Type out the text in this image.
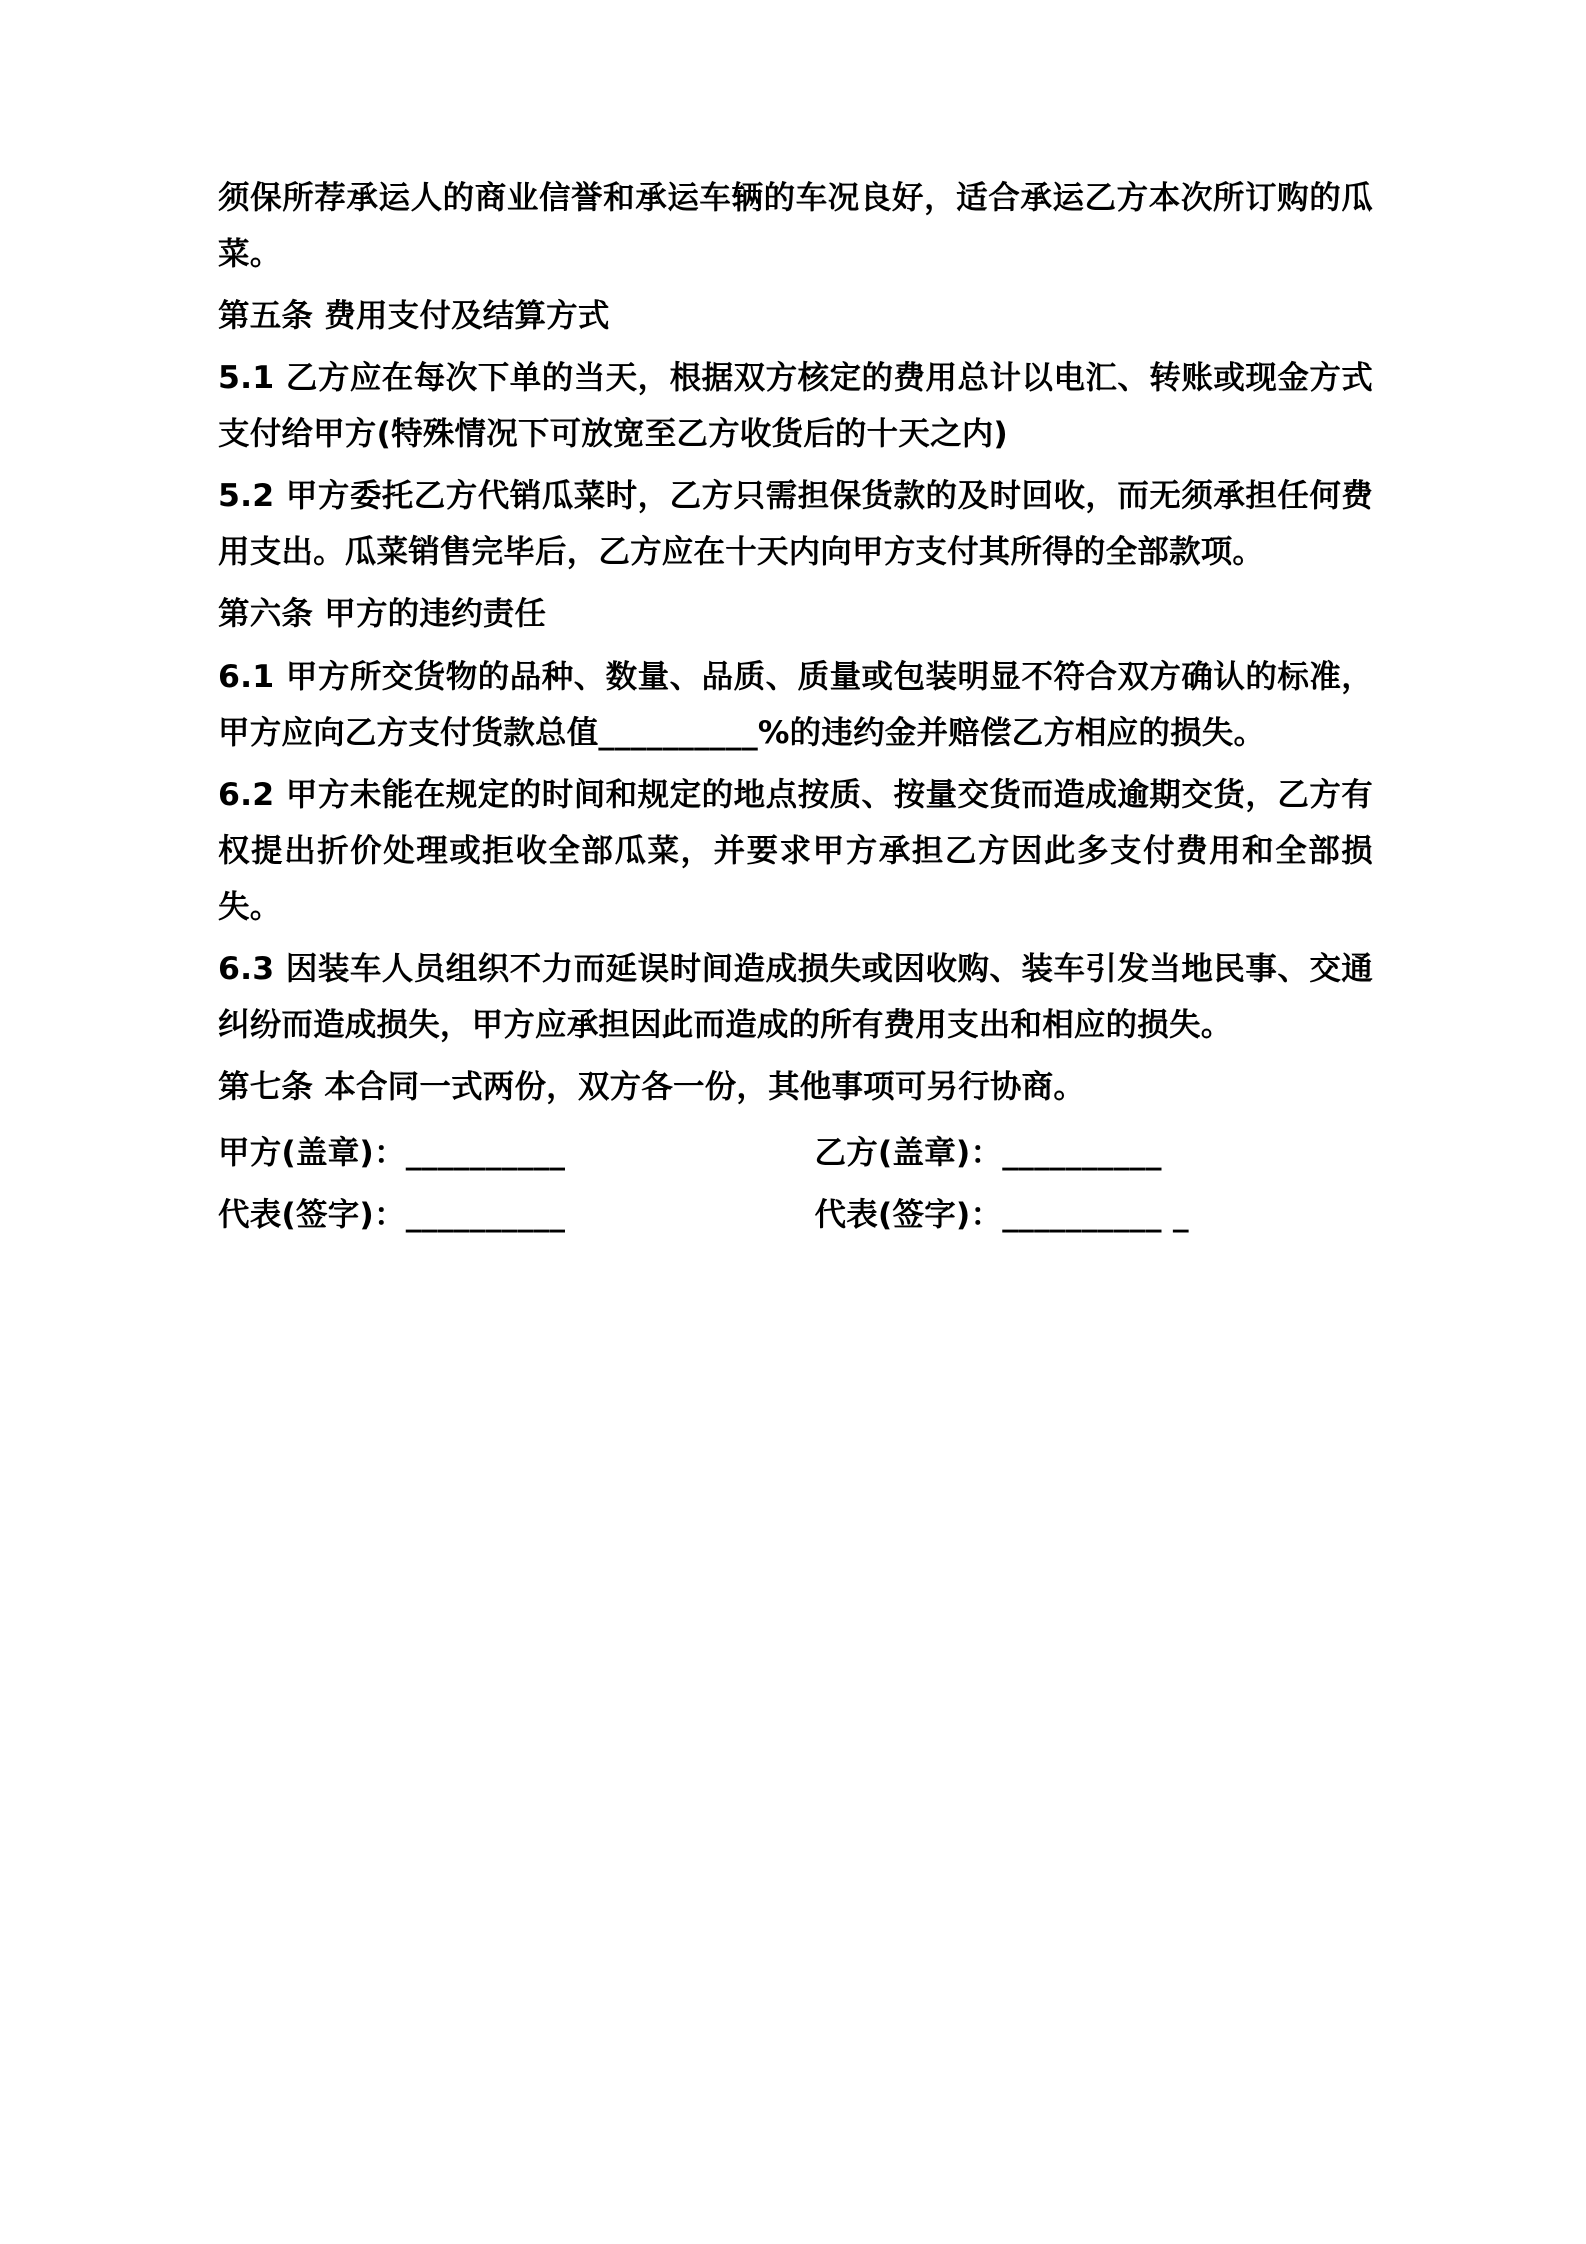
须保所荐承运人的商业信誉和承运车辆的车况良好，适合承运乙方本次所订购的瓜菜。

第五条 费用支付及结算方式

5.1 乙方应在每次下单的当天，根据双方核定的费用总计以电汇、转账或现金方式支付给甲方(特殊情况下可放宽至乙方收货后的十天之内)

5.2 甲方委托乙方代销瓜菜时，乙方只需担保货款的及时回收，而无须承担任何费用支出。瓜菜销售完毕后，乙方应在十天内向甲方支付其所得的全部款项。

第六条 甲方的违约责任

6.1 甲方所交货物的品种、数量、品质、质量或包装明显不符合双方确认的标准，甲方应向乙方支付货款总值__________%的违约金并赔偿乙方相应的损失。

6.2 甲方未能在规定的时间和规定的地点按质、按量交货而造成逾期交货，乙方有权提出折价处理或拒收全部瓜菜，并要求甲方承担乙方因此多支付费用和全部损失。

6.3 因装车人员组织不力而延误时间造成损失或因收购、装车引发当地民事、交通纠纷而造成损失，甲方应承担因此而造成的所有费用支出和相应的损失。

第七条 本合同一式两份，双方各一份，其他事项可另行协商。

甲方(盖章)：__________	乙方(盖章)：__________
代表(签字)：__________	代表(签字)：__________ _
